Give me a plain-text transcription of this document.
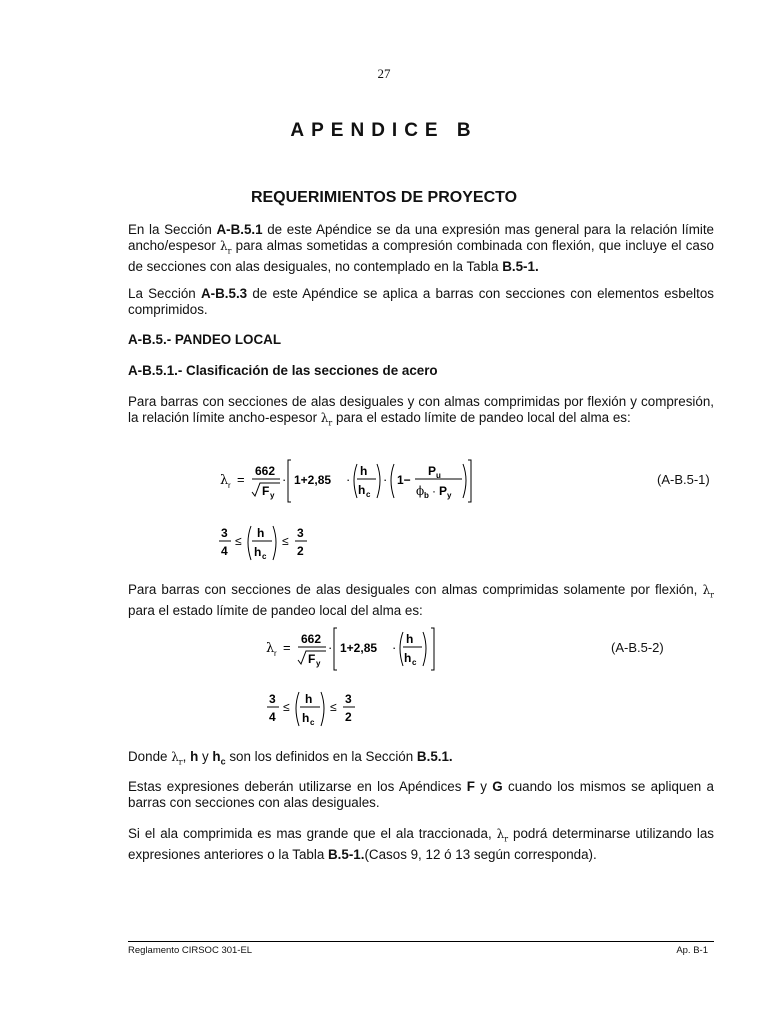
27
APENDICE B
REQUERIMIENTOS DE PROYECTO

En la Sección A-B.5.1 de este Apéndice se da una expresión mas general para la relación límite ancho/espesor $\lambda_r$ para almas sometidas a compresión combinada con flexión, que incluye el caso de secciones con alas desiguales, no contemplado en la Tabla B.5-1.

La Sección A-B.5.3 de este Apéndice se aplica a barras con secciones con elementos esbeltos comprimidos.

A-B.5.- PANDEO LOCAL
A-B.5.1.- Clasificación de las secciones de acero

Para barras con secciones de alas desiguales y con almas comprimidas por flexión y compresión, la relación límite ancho-espesor $\lambda_r$ para el estado límite de pandeo local del alma es:

λ r =
662
F y
· 1+2,85 ·
h
h c
· 1−
P u
ϕ b · P y
(A-B.5-1)
3
4
≤
h
h c
≤
3
2

Para barras con secciones de alas desiguales con almas comprimidas solamente por flexión, $\lambda_r$ para el estado límite de pandeo local del alma es:

λ r =
662
F y
· 1+2,85 ·
h
h c
(A-B.5-2)
3
4
≤
h
h c
≤
3
2

Donde $\lambda_r$, h y $h_c$ son los definidos en la Sección B.5.1.

Estas expresiones deberán utilizarse en los Apéndices F y G cuando los mismos se apliquen a barras con secciones con alas desiguales.

Si el ala comprimida es mas grande que el ala traccionada, $\lambda_r$ podrá determinarse utilizando las expresiones anteriores o la Tabla B.5-1.(Casos 9, 12 ó 13 según corresponda).

Reglamento CIRSOC 301-EL	Ap. B-1
